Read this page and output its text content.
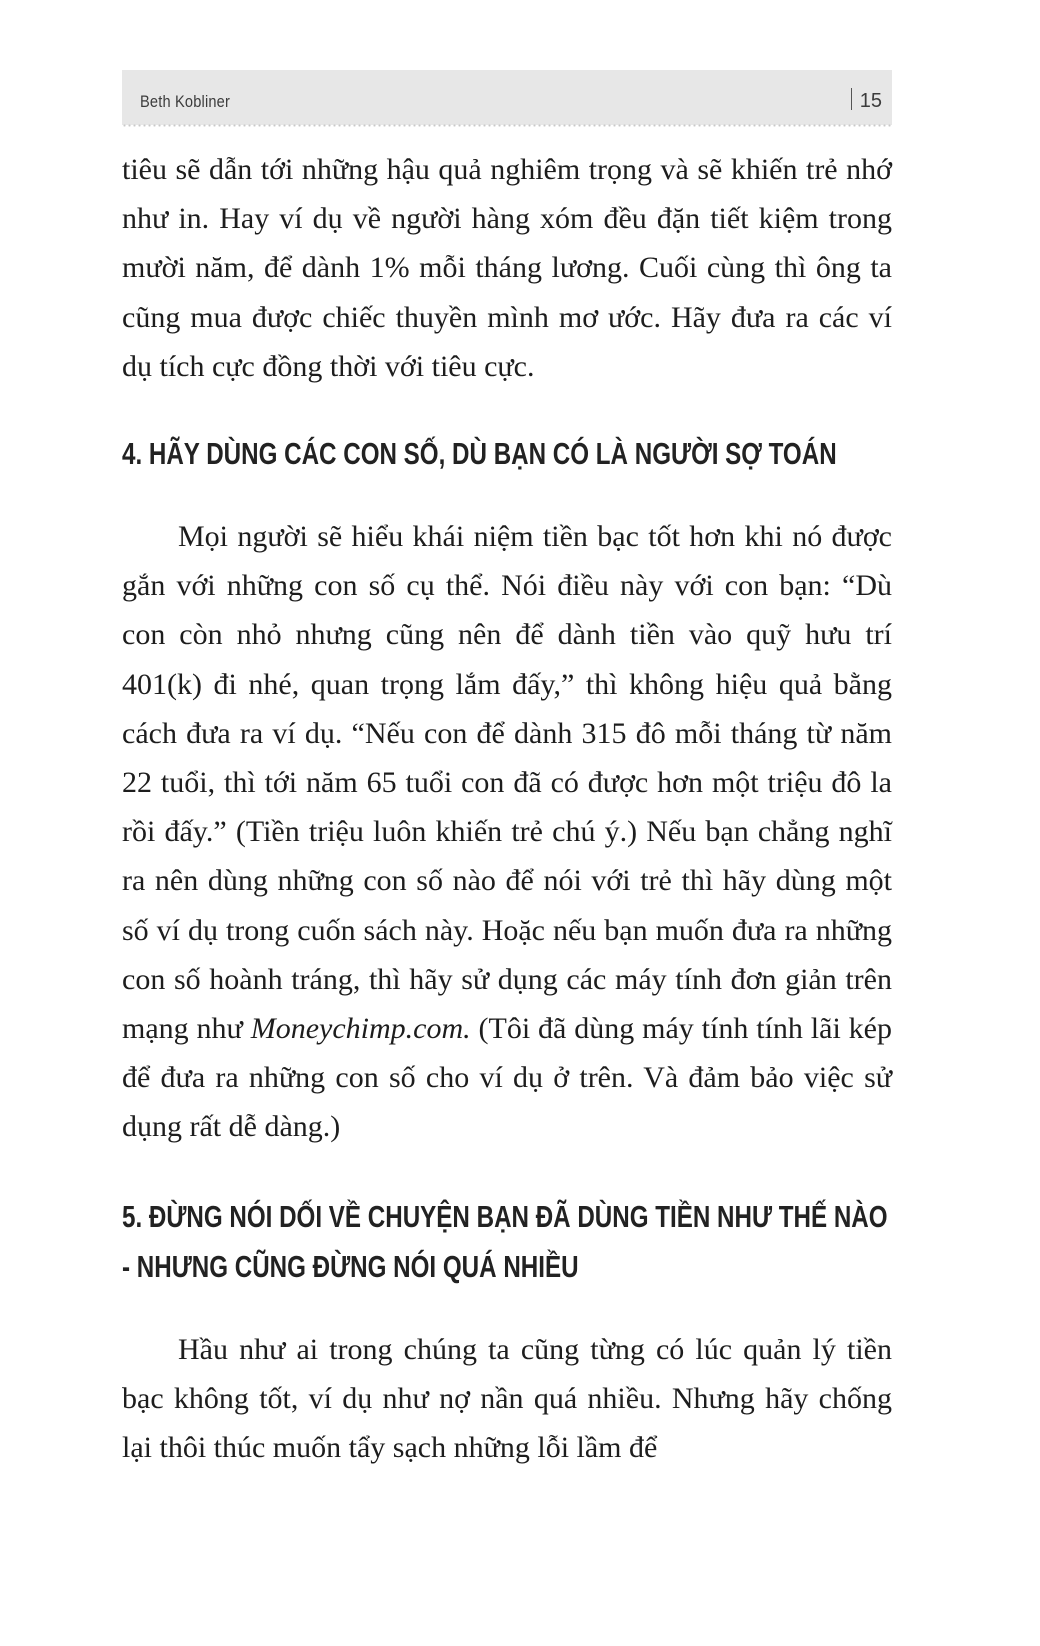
Beth Kobliner	15

tiêu sẽ dẫn tới những hậu quả nghiêm trọng và sẽ khiến trẻ nhớ như in. Hay ví dụ về người hàng xóm đều đặn tiết kiệm trong mười năm, để dành 1% mỗi tháng lương. Cuối cùng thì ông ta cũng mua được chiếc thuyền mình mơ ước. Hãy đưa ra các ví dụ tích cực đồng thời với tiêu cực.

4. HÃY DÙNG CÁC CON SỐ, DÙ BẠN CÓ LÀ NGƯỜI SỢ TOÁN

Mọi người sẽ hiểu khái niệm tiền bạc tốt hơn khi nó được gắn với những con số cụ thể. Nói điều này với con bạn: “Dù con còn nhỏ nhưng cũng nên để dành tiền vào quỹ hưu trí 401(k) đi nhé, quan trọng lắm đấy,” thì không hiệu quả bằng cách đưa ra ví dụ. “Nếu con để dành 315 đô mỗi tháng từ năm 22 tuổi, thì tới năm 65 tuổi con đã có được hơn một triệu đô la rồi đấy.” (Tiền triệu luôn khiến trẻ chú ý.) Nếu bạn chẳng nghĩ ra nên dùng những con số nào để nói với trẻ thì hãy dùng một số ví dụ trong cuốn sách này. Hoặc nếu bạn muốn đưa ra những con số hoành tráng, thì hãy sử dụng các máy tính đơn giản trên mạng như Moneychimp.com. (Tôi đã dùng máy tính tính lãi kép để đưa ra những con số cho ví dụ ở trên. Và đảm bảo việc sử dụng rất dễ dàng.)

5. ĐỪNG NÓI DỐI VỀ CHUYỆN BẠN ĐÃ DÙNG TIỀN NHƯ THẾ NÀO - NHƯNG CŨNG ĐỪNG NÓI QUÁ NHIỀU

Hầu như ai trong chúng ta cũng từng có lúc quản lý tiền bạc không tốt, ví dụ như nợ nần quá nhiều. Nhưng hãy chống lại thôi thúc muốn tẩy sạch những lỗi lầm để
